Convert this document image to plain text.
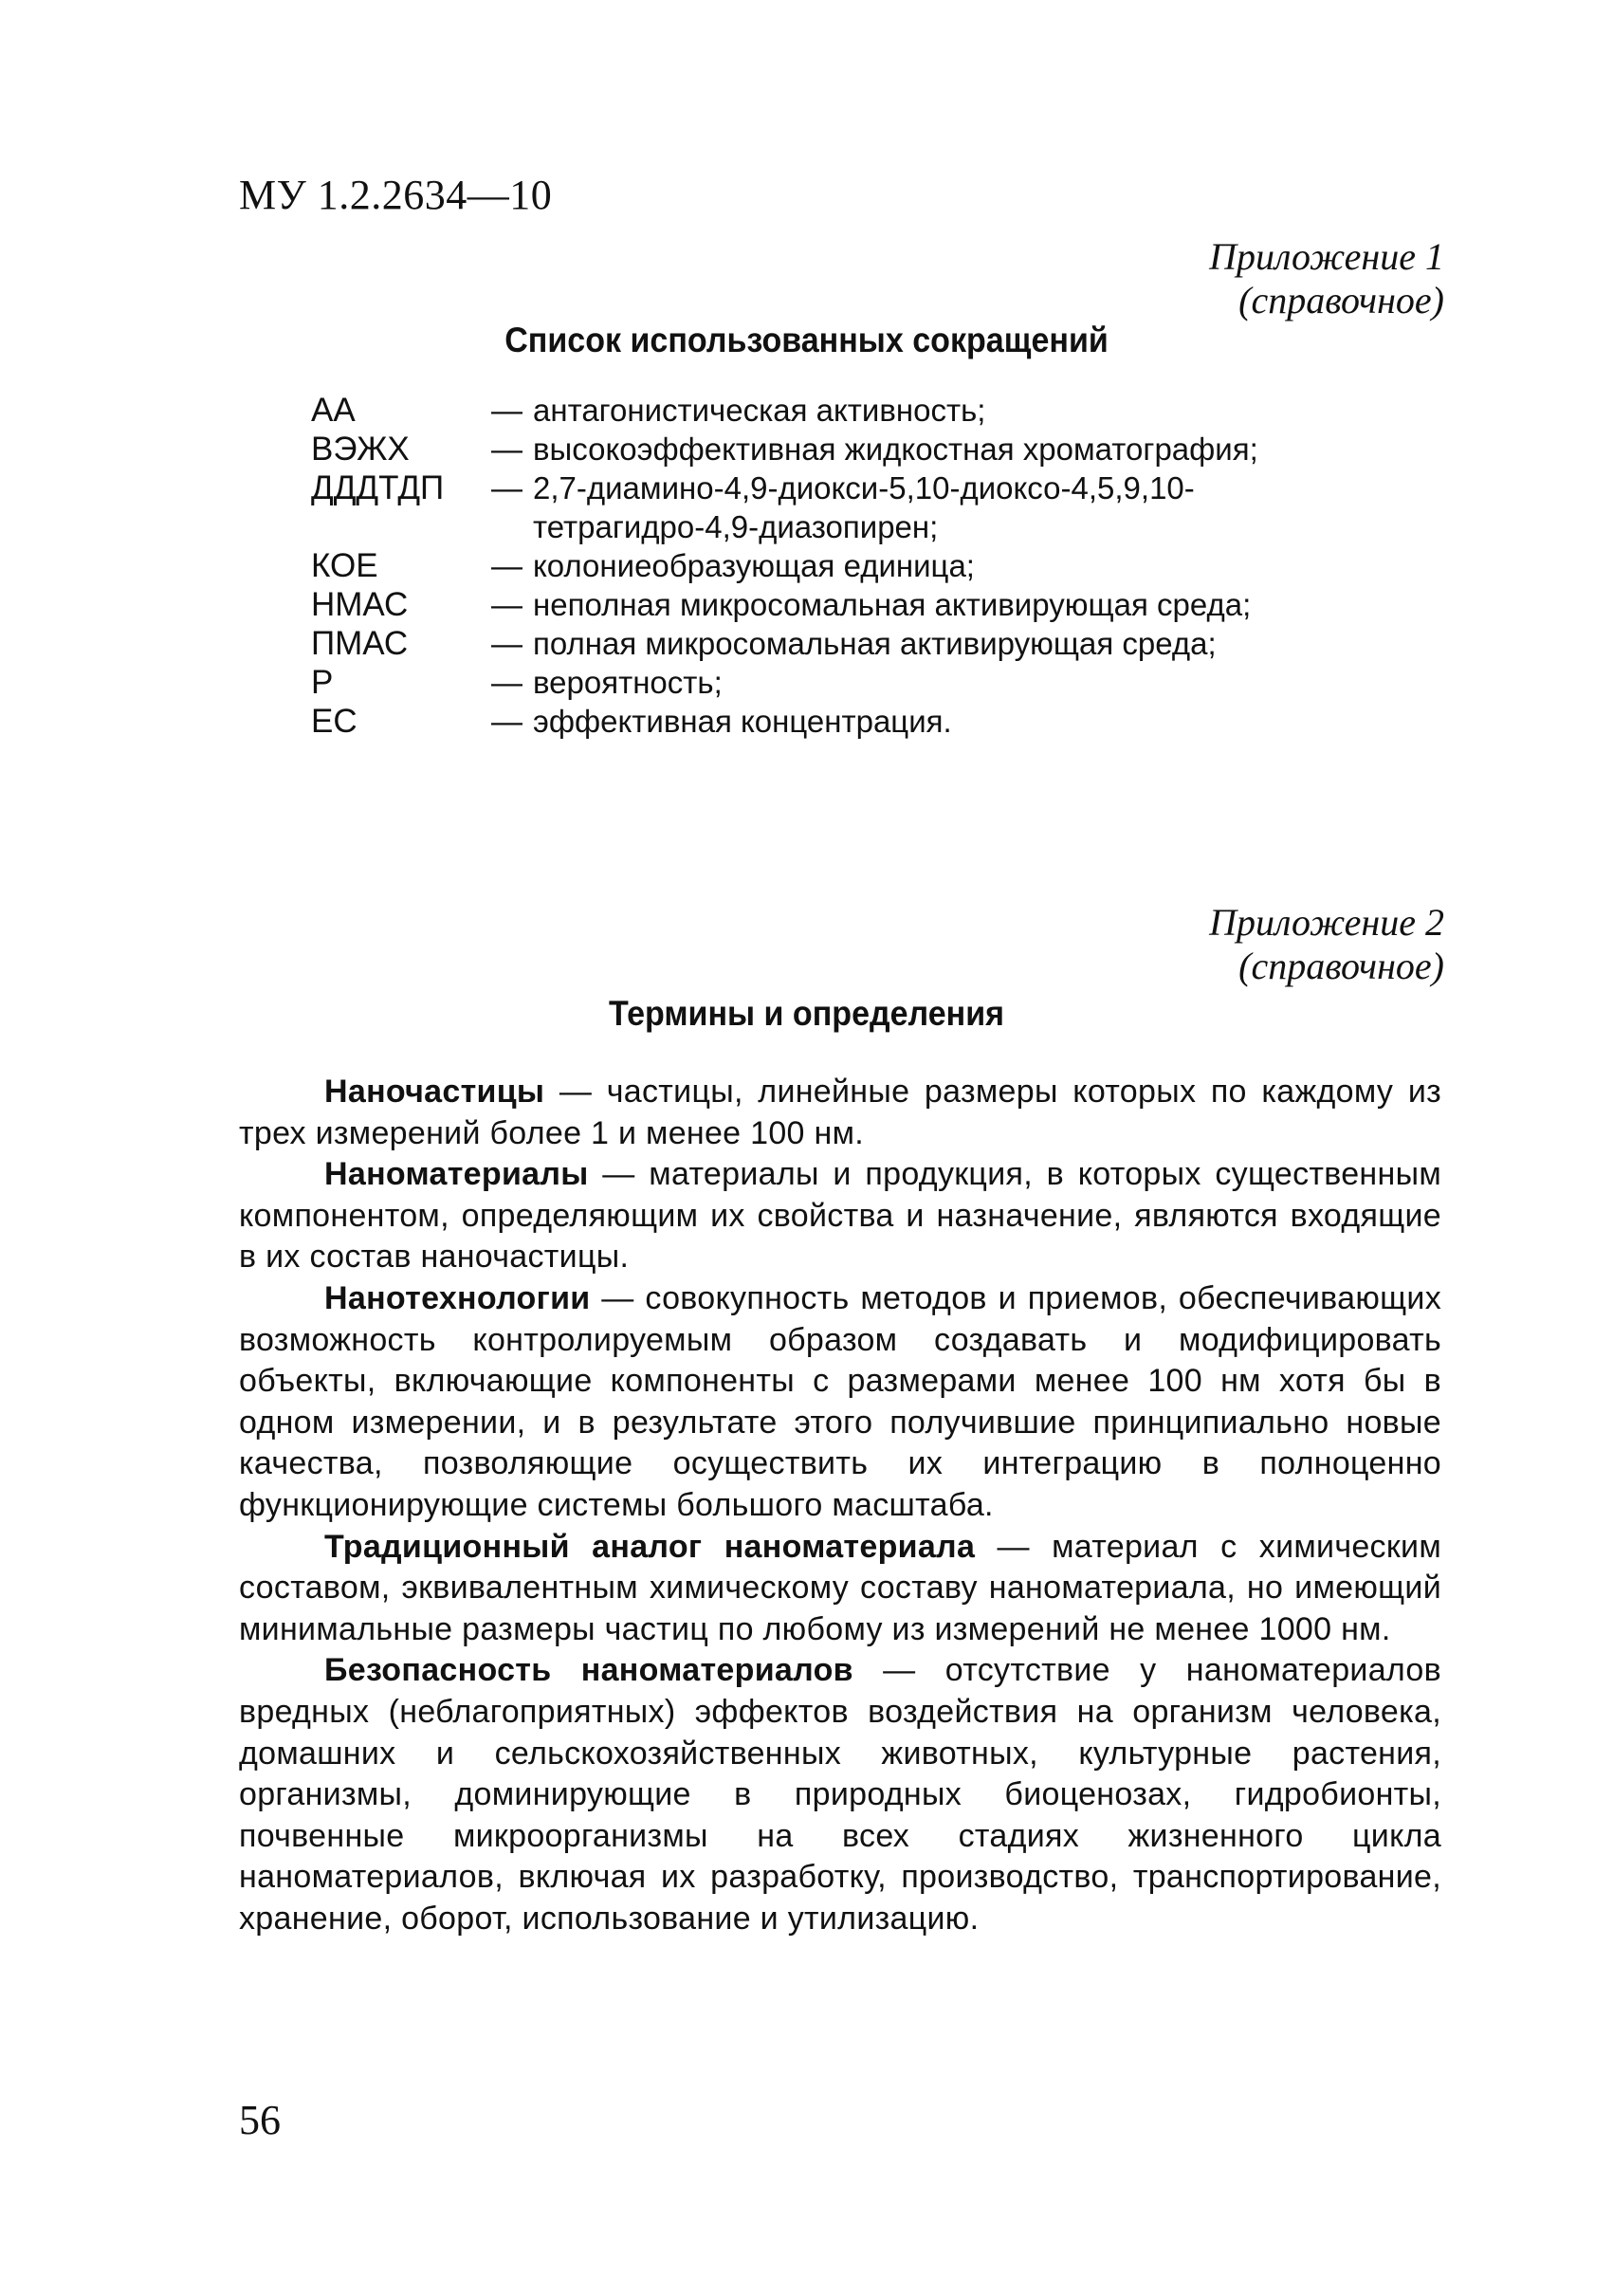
МУ 1.2.2634—10
Приложение 1
(справочное)
Список использованных сокращений
АА	— антагонистическая активность;
ВЭЖХ	— высокоэффективная жидкостная хроматография;
ДДДТДП	— 2,7-диамино-4,9-диокси-5,10-диоксо-4,5,9,10-тетрагидро-4,9-диазопирен;
КОЕ	— колониеобразующая единица;
НМАС	— неполная микросомальная активирующая среда;
ПМАС	— полная микросомальная активирующая среда;
Р	— вероятность;
ЕС	— эффективная концентрация.
Приложение 2
(справочное)
Термины и определения

Наночастицы — частицы, линейные размеры которых по каждому из трех измерений более 1 и менее 100 нм.

Наноматериалы — материалы и продукция, в которых существенным компонентом, определяющим их свойства и назначение, являются входящие в их состав наночастицы.

Нанотехнологии — совокупность методов и приемов, обеспечивающих возможность контролируемым образом создавать и модифицировать объекты, включающие компоненты с размерами менее 100 нм хотя бы в одном измерении, и в результате этого получившие принципиально новые качества, позволяющие осуществить их интеграцию в полноценно функционирующие системы большого масштаба.

Традиционный аналог наноматериала — материал с химическим составом, эквивалентным химическому составу наноматериала, но имеющий минимальные размеры частиц по любому из измерений не менее 1000 нм.

Безопасность наноматериалов — отсутствие у наноматериалов вредных (неблагоприятных) эффектов воздействия на организм человека, домашних и сельскохозяйственных животных, культурные растения, организмы, доминирующие в природных биоценозах, гидробионты, почвенные микроорганизмы на всех стадиях жизненного цикла наноматериалов, включая их разработку, производство, транспортирование, хранение, оборот, использование и утилизацию.

56
